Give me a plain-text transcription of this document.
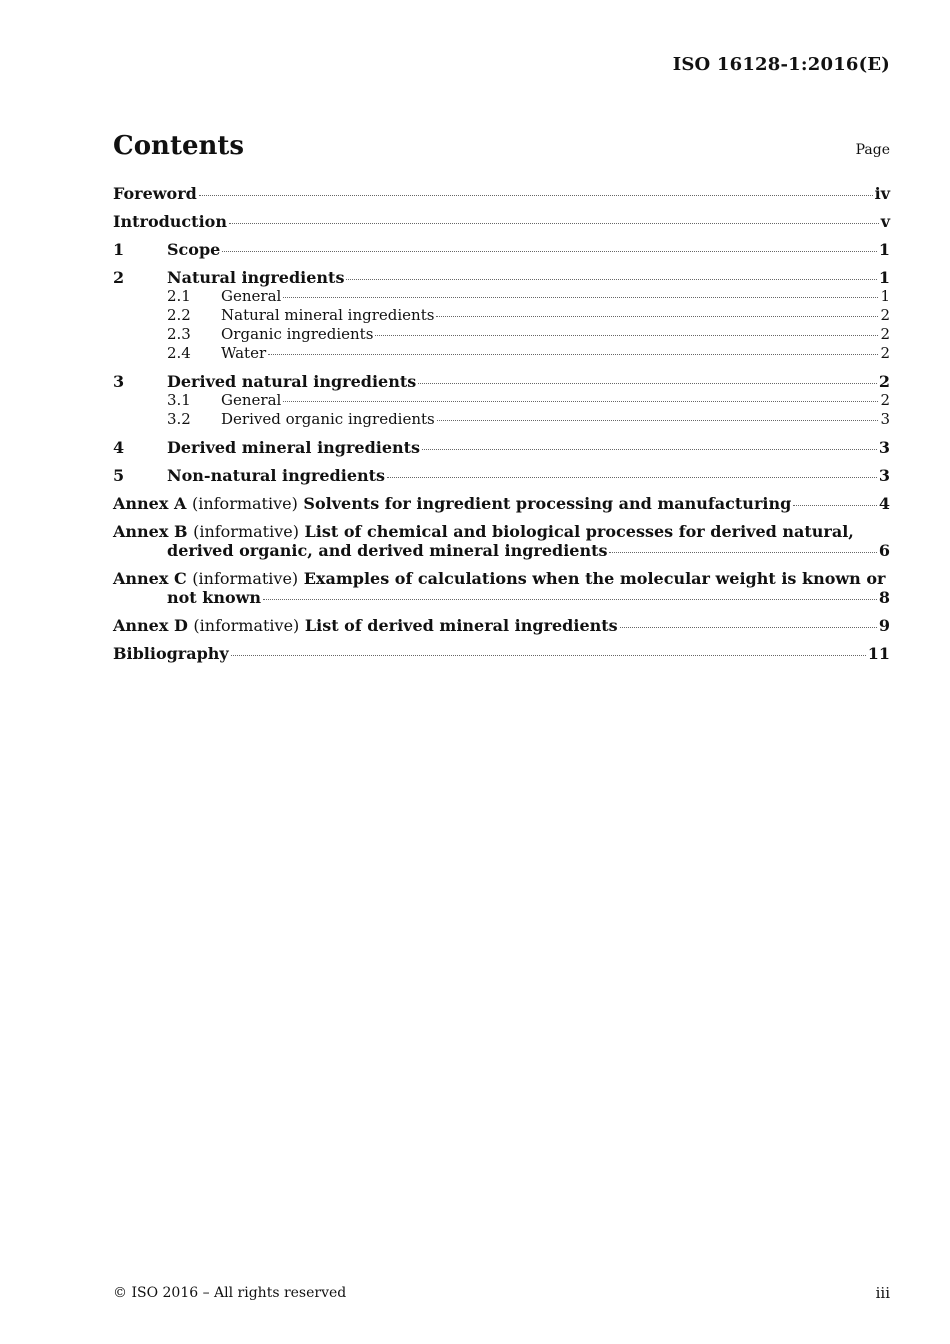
ISO 16128-1:2016(E)
Contents	Page
Foreword	iv
Introduction	v
1	Scope	1
2	Natural ingredients	1
2.1	General	1
2.2	Natural mineral ingredients	2
2.3	Organic ingredients	2
2.4	Water	2
3	Derived natural ingredients	2
3.1	General	2
3.2	Derived organic ingredients	3
4	Derived mineral ingredients	3
5	Non-natural ingredients	3
Annex A (informative) Solvents for ingredient processing and manufacturing	4
Annex B (informative) List of chemical and biological processes for derived natural,
derived organic, and derived mineral ingredients	6
Annex C (informative) Examples of calculations when the molecular weight is known or
not known	8
Annex D (informative) List of derived mineral ingredients	9
Bibliography	11
© ISO 2016 – All rights reserved	iii
